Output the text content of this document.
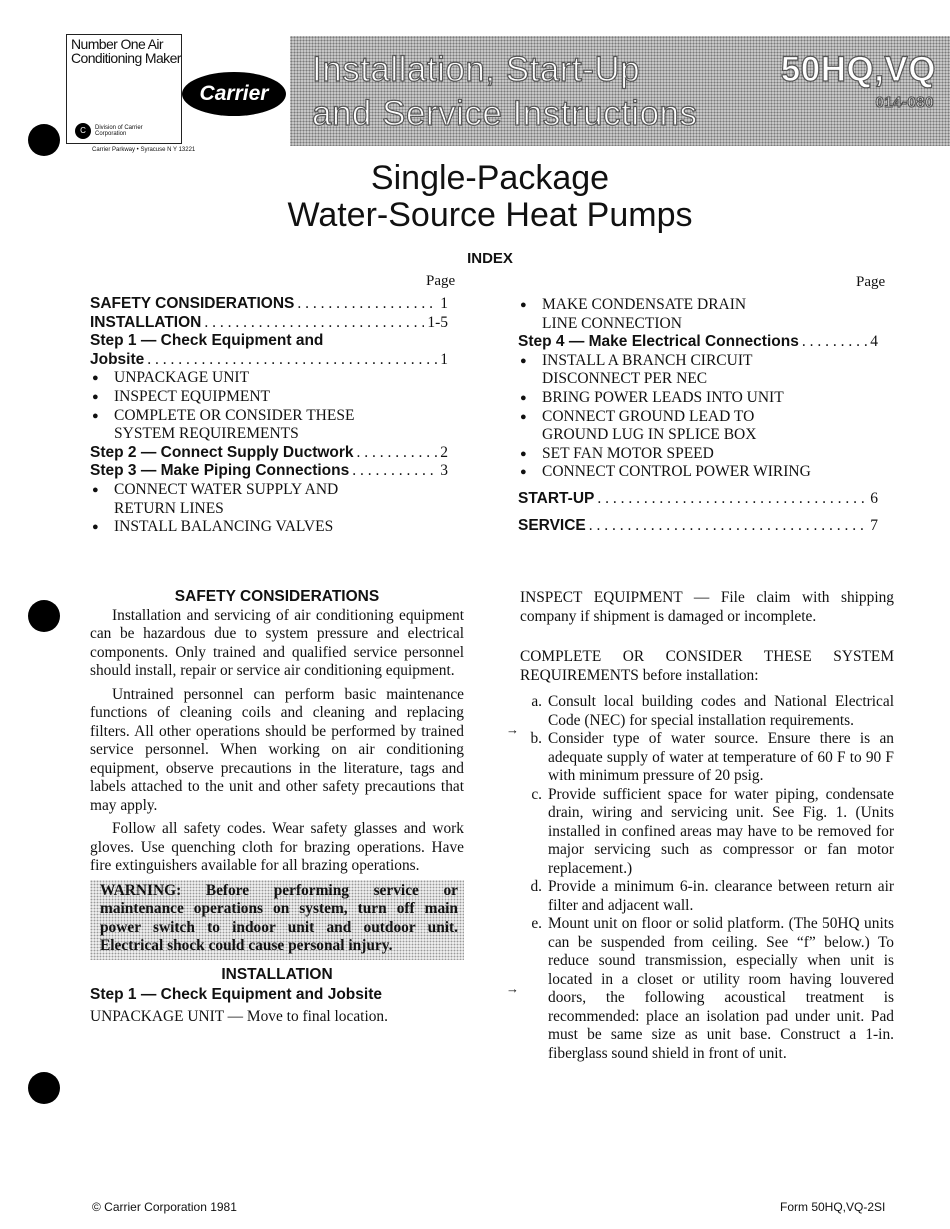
Number One Air Conditioning Maker
C	Division of Carrier Corporation
Carrier
Carrier Parkway • Syracuse N Y 13221
Installation, Start-Up
and Service Instructions
50HQ,VQ
014-080
Single-Package
Water-Source Heat Pumps
INDEX
Page	Page
SAFETY CONSIDERATIONS . . .	1
INSTALLATION . . .	1-5
Step 1 — Check Equipment and
Jobsite . . .	1
● UNPACKAGE UNIT
● INSPECT EQUIPMENT
● COMPLETE OR CONSIDER THESE
SYSTEM REQUIREMENTS
Step 2 — Connect Supply Ductwork . . .	2
Step 3 — Make Piping Connections . . .	3
● CONNECT WATER SUPPLY AND
RETURN LINES
● INSTALL BALANCING VALVES
● MAKE CONDENSATE DRAIN
LINE CONNECTION
Step 4 — Make Electrical Connections . . .	4
● INSTALL A BRANCH CIRCUIT
DISCONNECT PER NEC
● BRING POWER LEADS INTO UNIT
● CONNECT GROUND LEAD TO
GROUND LUG IN SPLICE BOX
● SET FAN MOTOR SPEED
● CONNECT CONTROL POWER WIRING
START-UP . . .	6
SERVICE . . .	7
SAFETY CONSIDERATIONS

Installation and servicing of air conditioning equipment can be hazardous due to system pressure and electrical components. Only trained and qualified service personnel should install, repair or service air conditioning equipment.

Untrained personnel can perform basic maintenance functions of cleaning coils and cleaning and replacing filters. All other operations should be performed by trained service personnel. When working on air conditioning equipment, observe precautions in the literature, tags and labels attached to the unit and other safety precautions that may apply.

Follow all safety codes. Wear safety glasses and work gloves. Use quenching cloth for brazing operations. Have fire extinguishers available for all brazing operations.

WARNING: Before performing service or maintenance operations on system, turn off main power switch to indoor unit and outdoor unit. Electrical shock could cause personal injury.
INSTALLATION
Step 1 — Check Equipment and Jobsite

UNPACKAGE UNIT — Move to final location.

→
→

INSPECT EQUIPMENT — File claim with shipping company if shipment is damaged or incomplete.

COMPLETE OR CONSIDER THESE SYSTEM REQUIREMENTS before installation:

a. Consult local building codes and National Electrical Code (NEC) for special installation requirements.
b. Consider type of water source. Ensure there is an adequate supply of water at temperature of 60 F to 90 F with minimum pressure of 20 psig.
c. Provide sufficient space for water piping, condensate drain, wiring and servicing unit. See Fig. 1. (Units installed in confined areas may have to be removed for major servicing such as compressor or fan motor replacement.)
d. Provide a minimum 6-in. clearance between return air filter and adjacent wall.
e. Mount unit on floor or solid platform. (The 50HQ units can be suspended from ceiling. See “f” below.) To reduce sound transmission, especially when unit is located in a closet or utility room having louvered doors, the following acoustical treatment is recommended: place an isolation pad under unit. Pad must be same size as unit base. Construct a 1-in. fiberglass sound shield in front of unit.
© Carrier Corporation 1981	Form 50HQ,VQ-2SI
